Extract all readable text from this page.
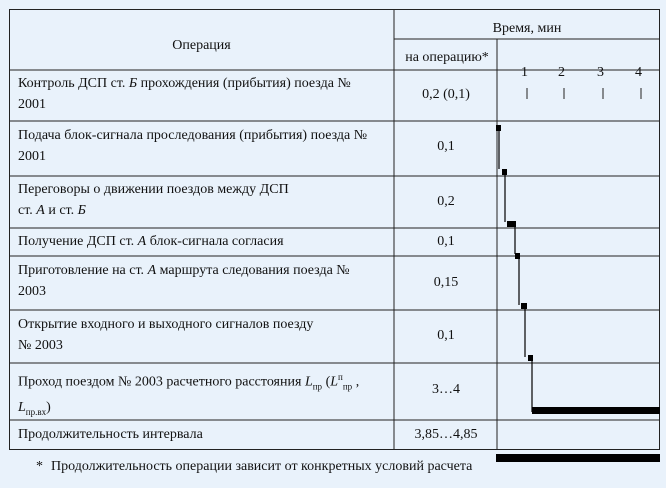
Операция
Время, мин
на операцию*
1 2 3 4
Контроль ДСП ст. Б прохождения (прибытия) поезда №
2001
0,2 (0,1)
Подача блок-сигнала проследования (прибытия) поезда №
2001
0,1
Переговоры о движении поездов между ДСП
ст. А и ст. Б
0,2
Получение ДСП ст. А блок-сигнала согласия	0,1
Приготовление на ст. А маршрута следования поезда №
2003
0,15
Открытие входного и выходного сигналов поезду
№ 2003
0,1
Проход поездом № 2003 расчетного расстояния $L_{пр}$ ($L^п_{пр}$ ,
$L_{пр.вх}$)
3…4
Продолжительность интервала	3,85…4,85
* Продолжительность операции зависит от конкретных условий расчета
